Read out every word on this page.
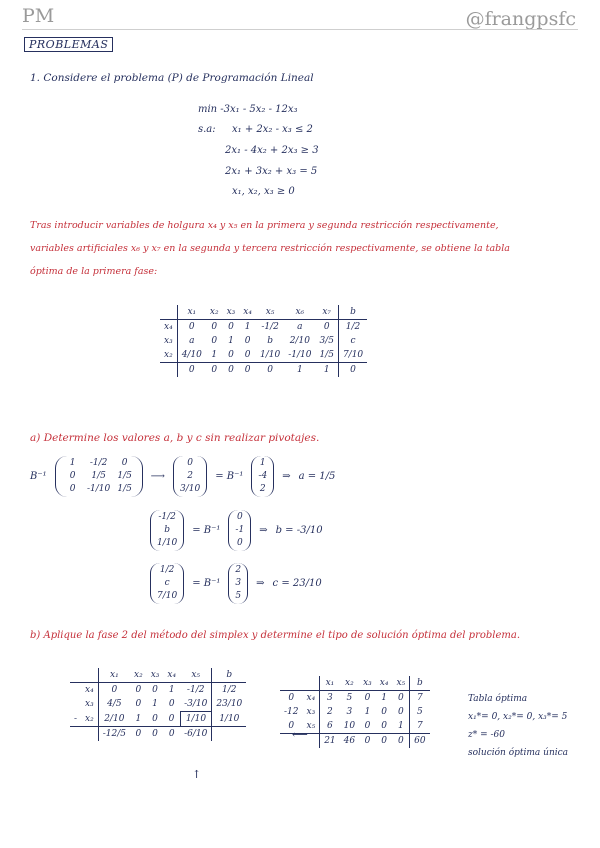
PM	@frangpsfc
PROBLEMAS
1. Considere el problema (P) de Programación Lineal
min -3x₁ - 5x₂ - 12x₃
s.a: x₁ + 2x₂ - x₃ ≤ 2
2x₁ - 4x₂ + 2x₃ ≥ 3
2x₁ + 3x₂ + x₃ = 5
x₁, x₂, x₃ ≥ 0
Tras introducir variables de holgura x₄ y x₅ en la primera y segunda restricción respectivamente,
variables artificiales x₆ y x₇ en la segunda y tercera restricción respectivamente, se obtiene la tabla
óptima de la primera fase:
	x₁	x₂	x₃	x₄	x₅	x₆	x₇	b
x₄	0	0	0	1	-1/2	a	0	1/2
x₃	a	0	1	0	b	2/10	3/5	c
x₂	4/10	1	0	0	1/10	-1/10	1/5	7/10
	0	0	0	0	0	1	1	0
a) Determine los valores a, b y c sin realizar pivotajes.
B⁻¹
1	-1/2	0
0	1/5	1/5
0	-1/10 1/5
⟶
0
2
3/10
= B⁻¹
1
-4
2
⇒ a = 1/5
-1/2
b
1/10
= B⁻¹
0
-1
0
⇒ b = -3/10
1/2
c
7/10
= B⁻¹
2
3
5
⇒ c = 23/10
b) Aplique la fase 2 del método del simplex y determine el tipo de solución óptima del problema.
		x₁	x₂	x₃	x₄	x₅	b
	x₄	0	0	0	1	-1/2	1/2
	x₃	4/5	0	1	0	-3/10	23/10
-	x₂	2/10	1	0	0	1/10	1/10
		-12/5	0	0	0	-6/10	
↑
⟵
		x₁	x₂	x₃	x₄	x₅	b
0	x₄	3	5	0	1	0	7
-12	x₃	2	3	1	0	0	5
0	x₅	6	10	0	0	1	7
		21	46	0	0	0	60
Tabla óptima
x₁*= 0, x₂*= 0, x₃*= 5
z* = -60
solución óptima única
